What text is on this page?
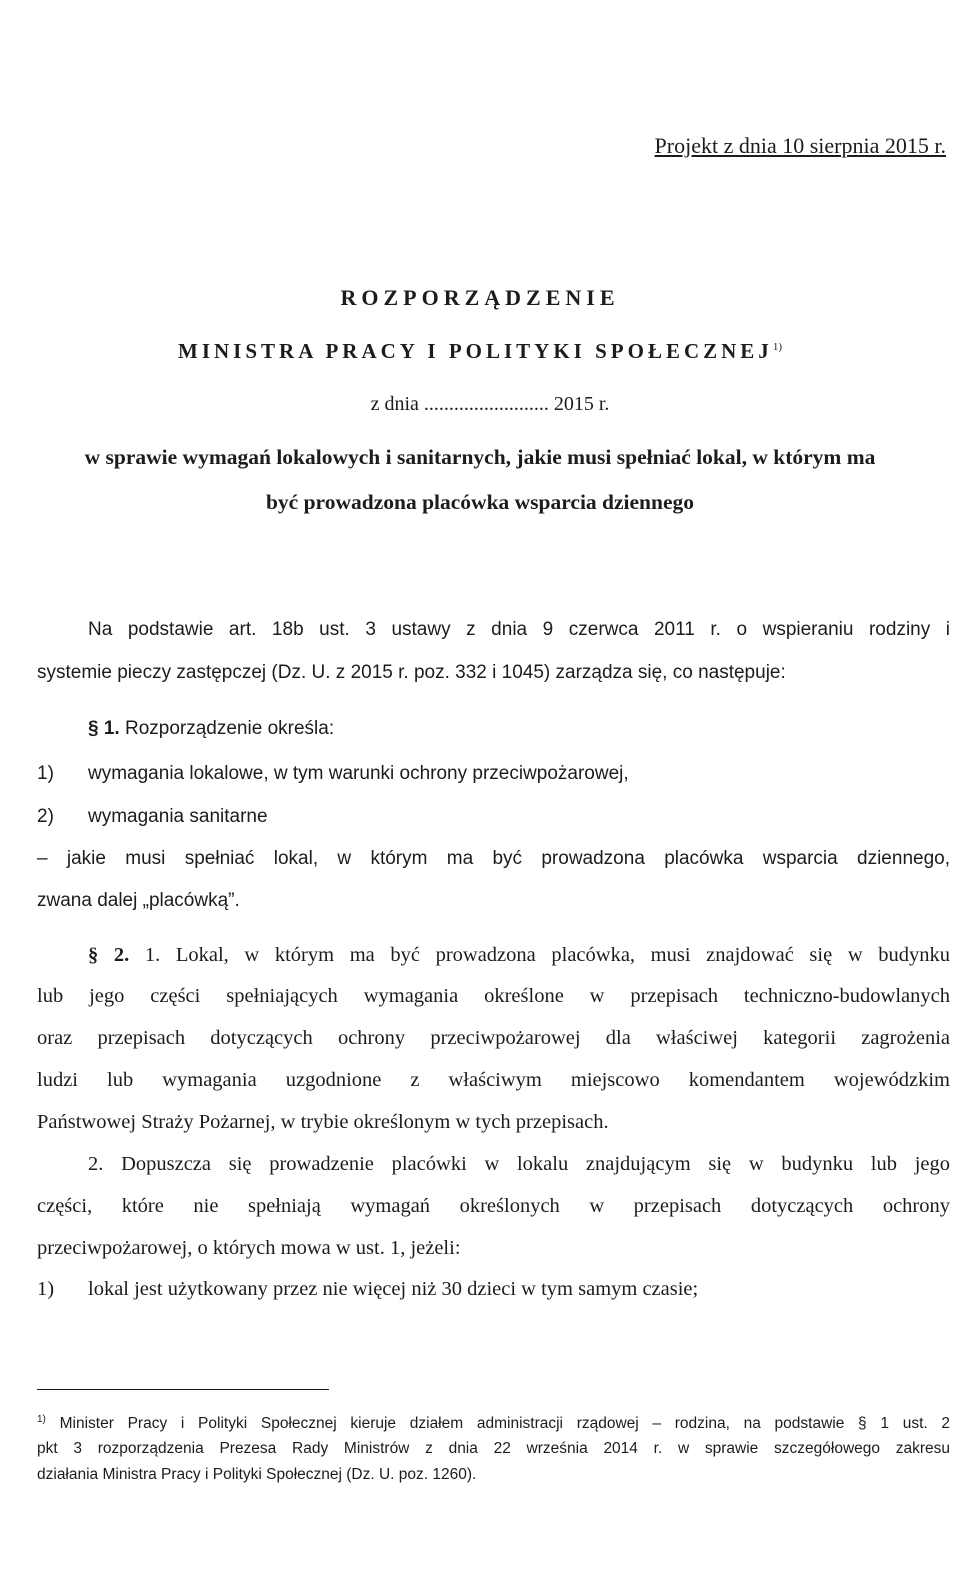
Projekt z dnia 10 sierpnia 2015 r.
ROZPORZĄDZENIE
MINISTRA PRACY I POLITYKI SPOŁECZNEJ$^{1)}$
z dnia ......................... 2015 r.
w sprawie wymagań lokalowych i sanitarnych, jakie musi spełniać lokal, w którym ma
być prowadzona placówka wsparcia dziennego
Na podstawie art. 18b ust. 3 ustawy z dnia 9 czerwca 2011 r. o wspieraniu rodziny i
systemie pieczy zastępczej (Dz. U. z 2015 r. poz. 332 i 1045) zarządza się, co następuje:
§ 1. Rozporządzenie określa:
1) wymagania lokalowe, w tym warunki ochrony przeciwpożarowej,
2) wymagania sanitarne
– jakie musi spełniać lokal, w którym ma być prowadzona placówka wsparcia dziennego,
zwana dalej „placówką”.
§ 2. 1. Lokal, w którym ma być prowadzona placówka, musi znajdować się w budynku
lub jego części spełniających wymagania określone w przepisach techniczno-budowlanych
oraz przepisach dotyczących ochrony przeciwpożarowej dla właściwej kategorii zagrożenia
ludzi lub wymagania uzgodnione z właściwym miejscowo komendantem wojewódzkim
Państwowej Straży Pożarnej, w trybie określonym w tych przepisach.
2. Dopuszcza się prowadzenie placówki w lokalu znajdującym się w budynku lub jego
części, które nie spełniają wymagań określonych w przepisach dotyczących ochrony
przeciwpożarowej, o których mowa w ust. 1, jeżeli:
1) lokal jest użytkowany przez nie więcej niż 30 dzieci w tym samym czasie;
$^{1)}$ Minister Pracy i Polityki Społecznej kieruje działem administracji rządowej – rodzina, na podstawie § 1 ust. 2
pkt 3 rozporządzenia Prezesa Rady Ministrów z dnia 22 września 2014 r. w sprawie szczegółowego zakresu
działania Ministra Pracy i Polityki Społecznej (Dz. U. poz. 1260).
